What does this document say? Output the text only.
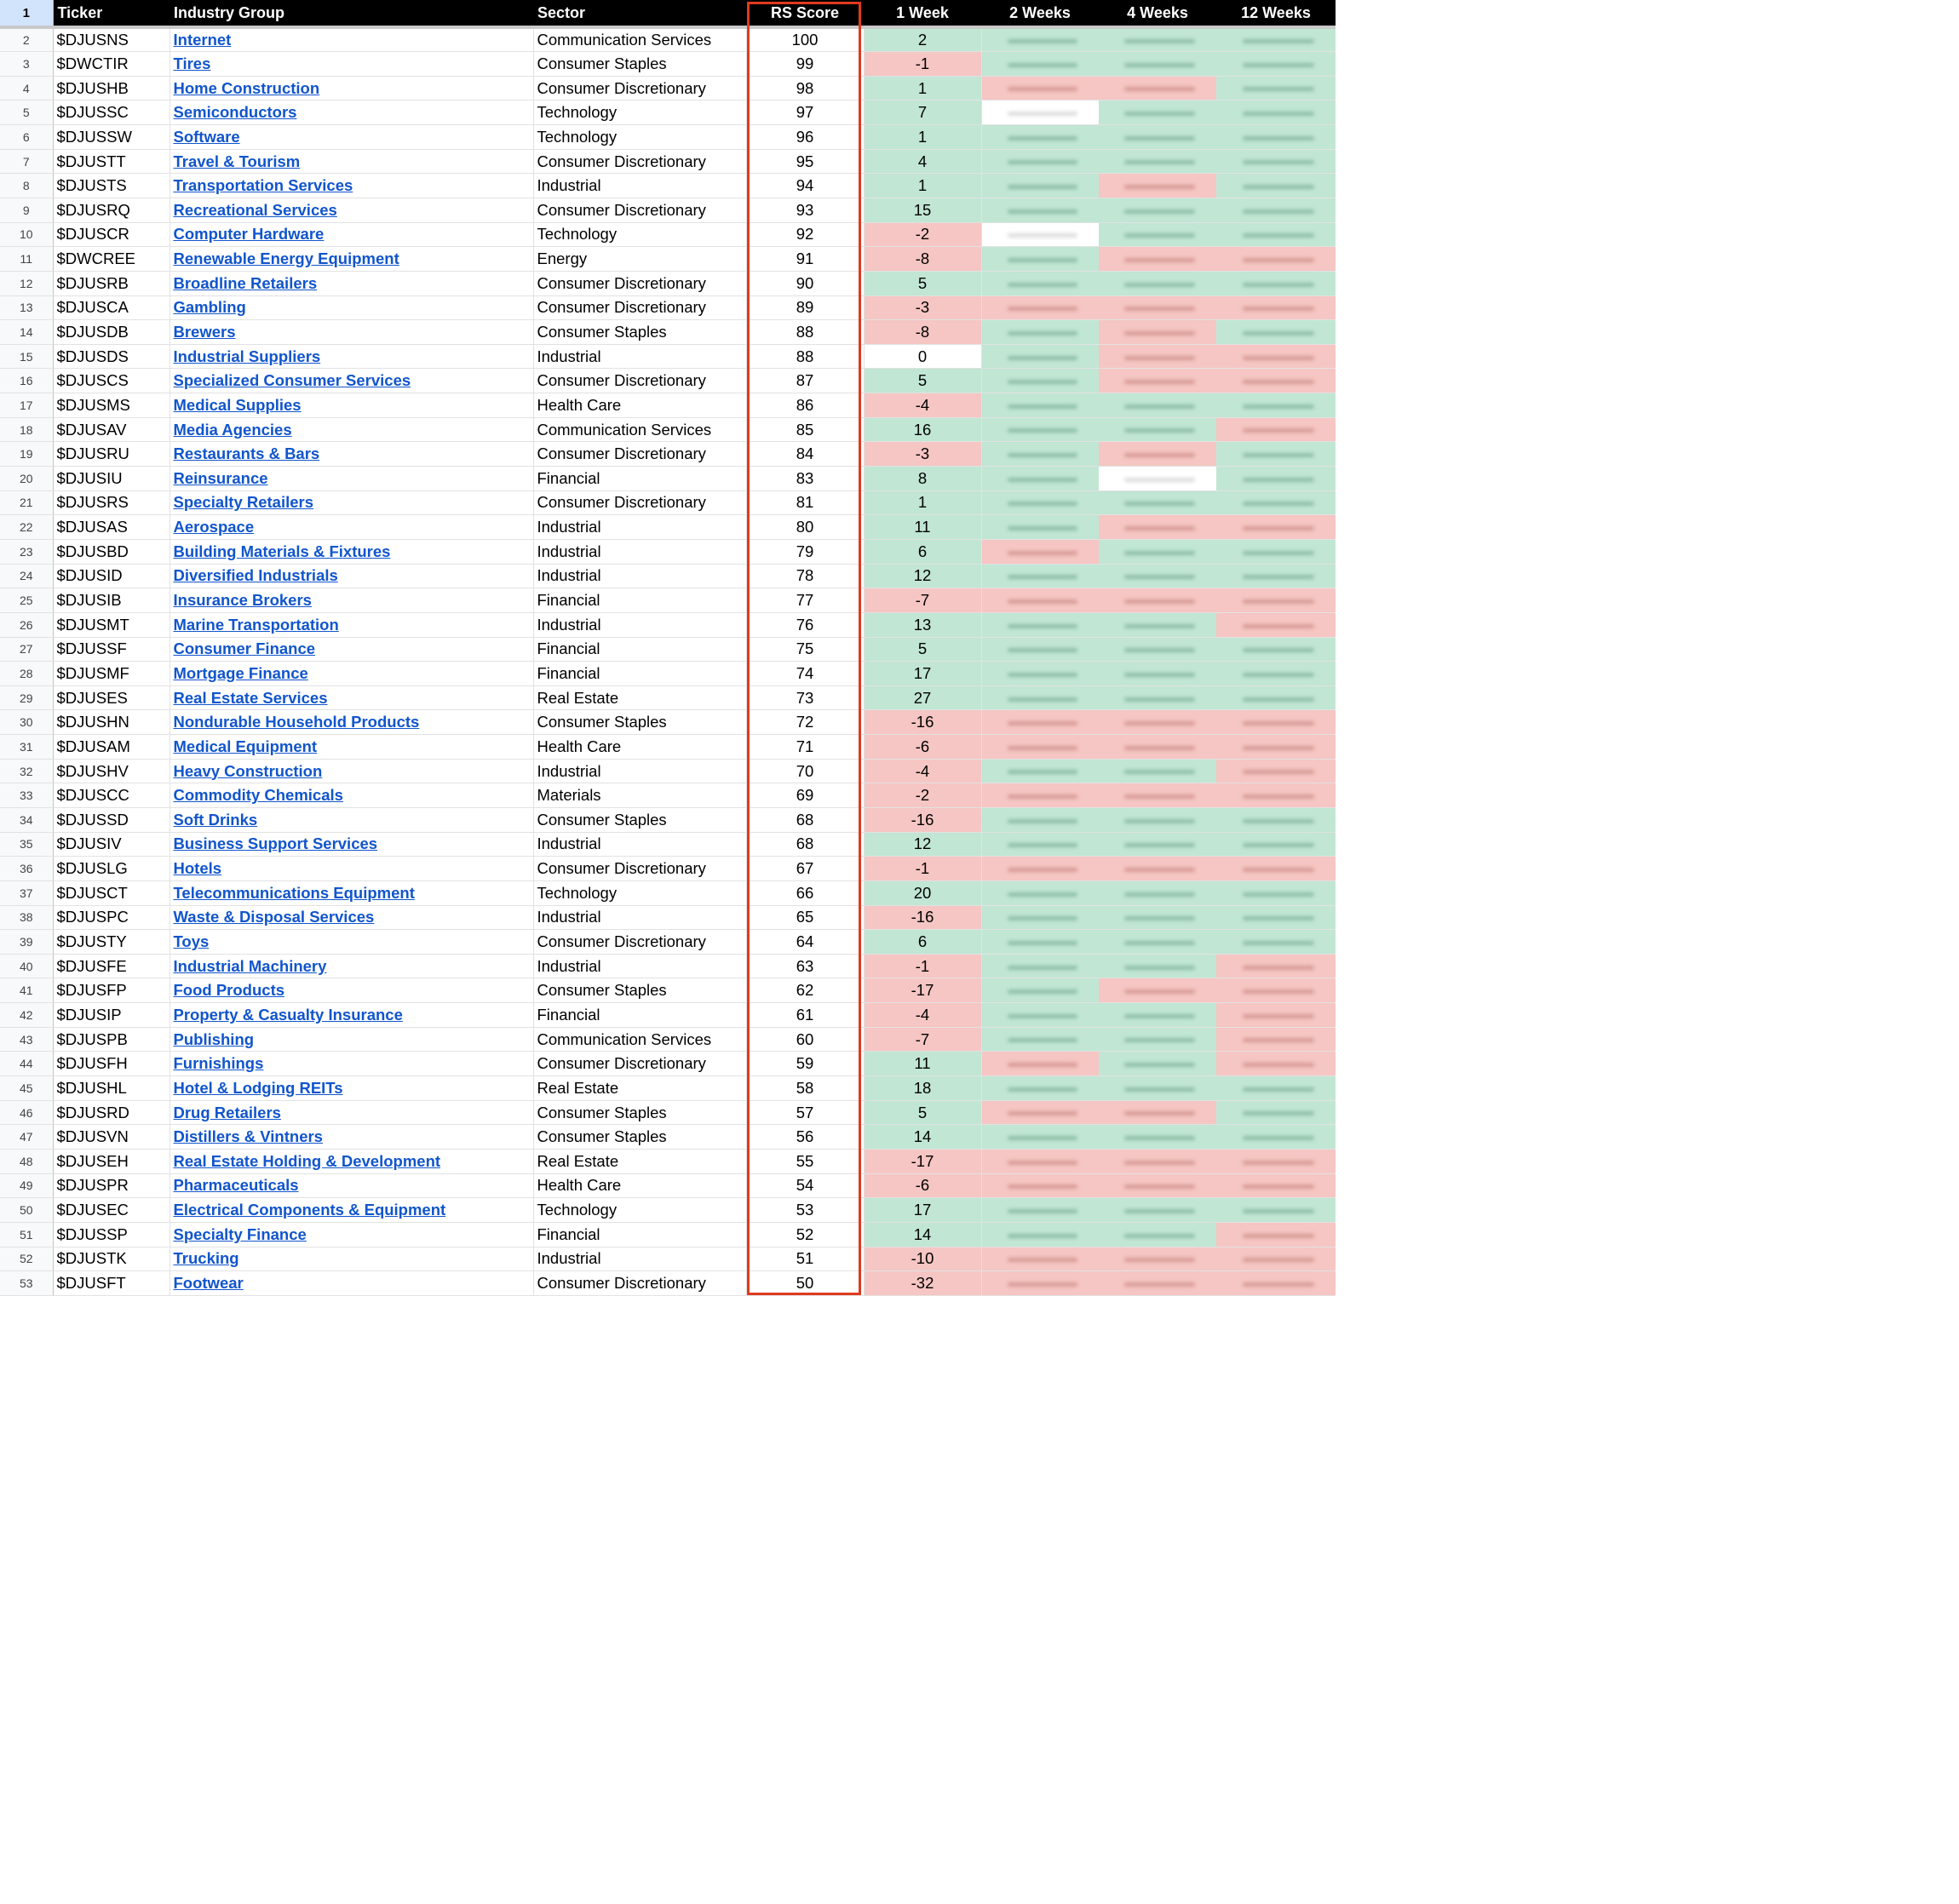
1	Ticker	Industry Group	Sector	RS Score	1 Week	2 Weeks	4 Weeks	12 Weeks
2	$DJUSNS	Internet	Communication Services	100	2	

3	$DWCTIR	Tires	Consumer Staples	99	-1	

4	$DJUSHB	Home Construction	Consumer Discretionary	98	1	

5	$DJUSSC	Semiconductors	Technology	97	7	

6	$DJUSSW	Software	Technology	96	1	

7	$DJUSTT	Travel & Tourism	Consumer Discretionary	95	4	

8	$DJUSTS	Transportation Services	Industrial	94	1	

9	$DJUSRQ	Recreational Services	Consumer Discretionary	93	15	

10	$DJUSCR	Computer Hardware	Technology	92	-2	

11	$DWCREE	Renewable Energy Equipment	Energy	91	-8	

12	$DJUSRB	Broadline Retailers	Consumer Discretionary	90	5	

13	$DJUSCA	Gambling	Consumer Discretionary	89	-3	

14	$DJUSDB	Brewers	Consumer Staples	88	-8	

15	$DJUSDS	Industrial Suppliers	Industrial	88	0	

16	$DJUSCS	Specialized Consumer Services	Consumer Discretionary	87	5	

17	$DJUSMS	Medical Supplies	Health Care	86	-4	

18	$DJUSAV	Media Agencies	Communication Services	85	16	

19	$DJUSRU	Restaurants & Bars	Consumer Discretionary	84	-3	

20	$DJUSIU	Reinsurance	Financial	83	8	

21	$DJUSRS	Specialty Retailers	Consumer Discretionary	81	1	

22	$DJUSAS	Aerospace	Industrial	80	11	

23	$DJUSBD	Building Materials & Fixtures	Industrial	79	6	

24	$DJUSID	Diversified Industrials	Industrial	78	12	

25	$DJUSIB	Insurance Brokers	Financial	77	-7	

26	$DJUSMT	Marine Transportation	Industrial	76	13	

27	$DJUSSF	Consumer Finance	Financial	75	5	

28	$DJUSMF	Mortgage Finance	Financial	74	17	

29	$DJUSES	Real Estate Services	Real Estate	73	27	

30	$DJUSHN	Nondurable Household Products	Consumer Staples	72	-16	

31	$DJUSAM	Medical Equipment	Health Care	71	-6	

32	$DJUSHV	Heavy Construction	Industrial	70	-4	

33	$DJUSCC	Commodity Chemicals	Materials	69	-2	

34	$DJUSSD	Soft Drinks	Consumer Staples	68	-16	

35	$DJUSIV	Business Support Services	Industrial	68	12	

36	$DJUSLG	Hotels	Consumer Discretionary	67	-1	

37	$DJUSCT	Telecommunications Equipment	Technology	66	20	

38	$DJUSPC	Waste & Disposal Services	Industrial	65	-16	

39	$DJUSTY	Toys	Consumer Discretionary	64	6	

40	$DJUSFE	Industrial Machinery	Industrial	63	-1	

41	$DJUSFP	Food Products	Consumer Staples	62	-17	

42	$DJUSIP	Property & Casualty Insurance	Financial	61	-4	

43	$DJUSPB	Publishing	Communication Services	60	-7	

44	$DJUSFH	Furnishings	Consumer Discretionary	59	11	

45	$DJUSHL	Hotel & Lodging REITs	Real Estate	58	18	

46	$DJUSRD	Drug Retailers	Consumer Staples	57	5	

47	$DJUSVN	Distillers & Vintners	Consumer Staples	56	14	

48	$DJUSEH	Real Estate Holding & Development	Real Estate	55	-17	

49	$DJUSPR	Pharmaceuticals	Health Care	54	-6	

50	$DJUSEC	Electrical Components & Equipment	Technology	53	17	

51	$DJUSSP	Specialty Finance	Financial	52	14	

52	$DJUSTK	Trucking	Industrial	51	-10	

53	$DJUSFT	Footwear	Consumer Discretionary	50	-32	
